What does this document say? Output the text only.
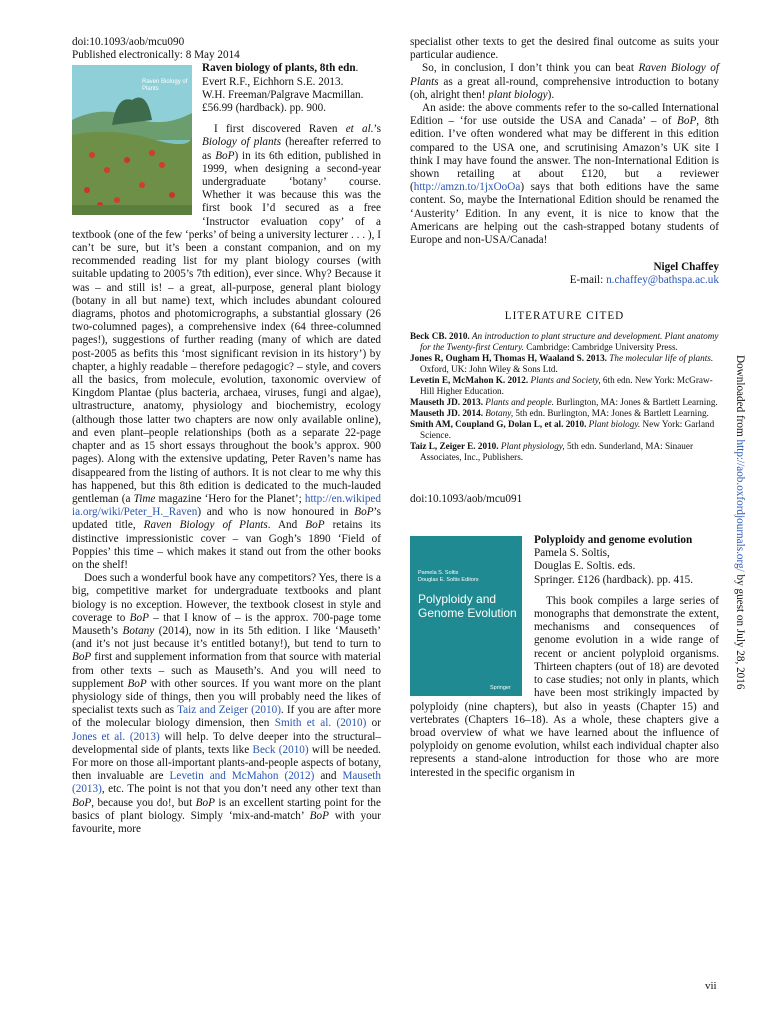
doi:10.1093/aob/mcu090

Published electronically: 8 May 2014

Raven Biology of Plants

Raven biology of plants, 8th edn.

Evert R.F., Eichhorn S.E. 2013.

W.H. Freeman/Palgrave Macmillan.

£56.99 (hardback). pp. 900.

I first discovered Raven et al.’s Biology of plants (hereafter referred to as BoP) in its 6th edition, published in 1999, when designing a second-year undergraduate ‘botany’ course. Whether it was because this was the first book I’d secured as a free ‘Instructor evaluation copy’ of a textbook (one of the few ‘perks’ of being a university lecturer . . . ), I can’t be sure, but it’s been a constant companion, and on my recommended reading list for my plant biology courses (with suitable updating to 2005’s 7th edition), ever since. Why? Because it was – and still is! – a great, all-purpose, general plant biology (botany in all but name) text, which includes abundant coloured diagrams, photos and photomicrographs, a substantial glossary (26 two-columned pages), a comprehensive index (64 three-columned pages!), suggestions of further reading (many of which are dated post-2005 as befits this ‘most significant revision in its history’) by chapter, a highly readable – therefore pedagogic? – style, and covers all the basics, from molecule, evolution, taxonomic overview of Kingdom Plantae (plus bacteria, archaea, viruses, fungi and algae), ultrastructure, anatomy, physiology and biochemistry, ecology (although those latter two chapters are now only available online), and even plant–people relationships (both as a separate 22-page chapter and as 15 short essays throughout the book’s approx. 900 pages). Along with the extensive updating, Peter Raven’s name has disappeared from the listing of authors. It is not clear to me why this has happened, but this 8th edition is dedicated to the much-lauded gentleman (a Time magazine ‘Hero for the Planet’; http://en.wikipedia.org/wiki/Peter_H._Raven) and who is now honoured in BoP’s updated title, Raven Biology of Plants. And BoP retains its distinctive impressionistic cover – van Gogh’s 1890 ‘Field of Poppies’ this time – which makes it stand out from the other books on the shelf!

Does such a wonderful book have any competitors? Yes, there is a big, competitive market for undergraduate textbooks and plant biology is no exception. However, the textbook closest in style and coverage to BoP – that I know of – is the approx. 700-page tome Mauseth’s Botany (2014), now in its 5th edition. I like ‘Mauseth’ (and it’s not just because it’s entitled botany!), but tend to turn to BoP first and supplement information from that source with material from other texts – such as Mauseth’s. And you will need to supplement BoP with other sources. If you want more on the plant physiology side of things, then you will probably need the likes of specialist texts such as Taiz and Zeiger (2010). If you are after more of the molecular biology dimension, then Smith et al. (2010) or Jones et al. (2013) will help. To delve deeper into the structural–developmental side of plants, texts like Beck (2010) will be needed. For more on those all-important plants-and-people aspects of botany, then invaluable are Levetin and McMahon (2012) and Mauseth (2013), etc. The point is not that you don’t need any other text than BoP, because you do!, but BoP is an excellent starting point for the basics of plant biology. Simply ‘mix-and-match’ BoP with your favourite, more

specialist other texts to get the desired final outcome as suits your particular audience.

So, in conclusion, I don’t think you can beat Raven Biology of Plants as a great all-round, comprehensive introduction to botany (oh, alright then! plant biology).

An aside: the above comments refer to the so-called International Edition – ‘for use outside the USA and Canada’ – of BoP, 8th edition. I’ve often wondered what may be different in this edition compared to the USA one, and scrutinising Amazon’s UK site I think I may have found the answer. The non-International Edition is shown retailing at about £120, but a reviewer (http://amzn.to/1jxOoOa) says that both editions have the same content. So, maybe the International Edition should be renamed the ‘Austerity’ Edition. In any event, it is nice to know that the Americans are helping out the cash-strapped botany students of Europe and non-USA/Canada!

Nigel Chaffey

E-mail: n.chaffey@bathspa.ac.uk

LITERATURE CITED

Beck CB. 2010. An introduction to plant structure and development. Plant anatomy for the Twenty-first Century. Cambridge: Cambridge University Press.

Jones R, Ougham H, Thomas H, Waaland S. 2013. The molecular life of plants. Oxford, UK: John Wiley & Sons Ltd.

Levetin E, McMahon K. 2012. Plants and Society, 6th edn. New York: McGraw-Hill Higher Education.

Mauseth JD. 2013. Plants and people. Burlington, MA: Jones & Bartlett Learning.

Mauseth JD. 2014. Botany, 5th edn. Burlington, MA: Jones & Bartlett Learning.

Smith AM, Coupland G, Dolan L, et al. 2010. Plant biology. New York: Garland Science.

Taiz L, Zeiger E. 2010. Plant physiology, 5th edn. Sunderland, MA: Sinauer Associates, Inc., Publishers.

doi:10.1093/aob/mcu091

Pamela S. Soltis
Douglas E. Soltis Editors
Polyploidy and Genome Evolution
Springer

Polyploidy and genome evolution

Pamela S. Soltis,

Douglas E. Soltis. eds.

Springer. £126 (hardback). pp. 415.

This book compiles a large series of monographs that demonstrate the extent, mechanisms and consequences of genome evolution in a wide range of recent or ancient polyploid organisms. Thirteen chapters (out of 18) are devoted to case studies; not only in plants, which have been most strikingly impacted by polyploidy (nine chapters), but also in yeasts (Chapter 15) and vertebrates (Chapters 16–18). As a whole, these chapters give a broad overview of what we have learned about the influence of polyploidy on genome evolution, whilst each individual chapter also represents a stand-alone introduction for those who are more interested in the specific organism in

Downloaded from http://aob.oxfordjournals.org/ by guest on July 28, 2016
vii
